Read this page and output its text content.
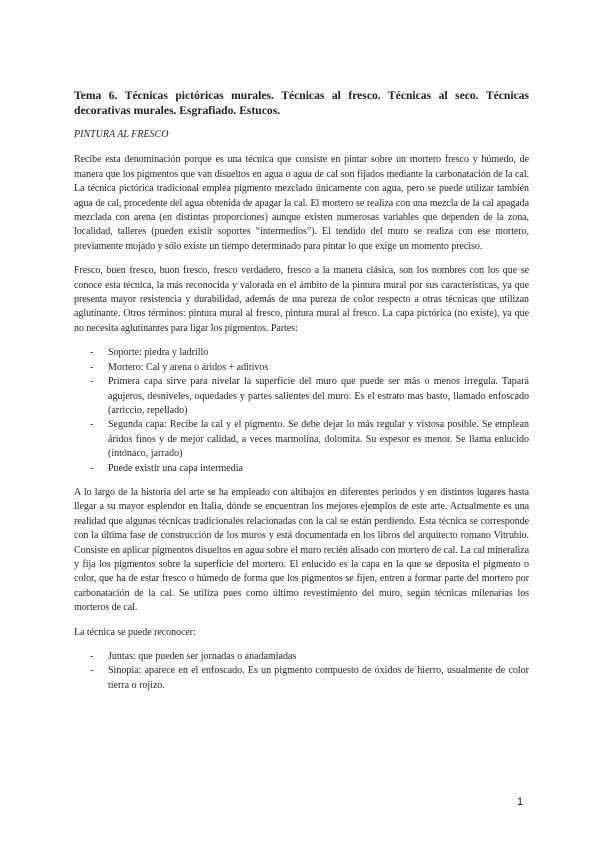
Tema 6. Técnicas pictóricas murales. Técnicas al fresco. Técnicas al seco. Técnicas decorativas murales. Esgrafiado. Estucos.
PINTURA AL FRESCO

Recibe esta denominación porque es una técnica que consiste en pintar sobre un mortero fresco y húmedo, de manera que los pigmentos que van disueltos en agua o agua de cal son fijados mediante la carbonatación de la cal. La técnica pictórica tradicional emplea pigmento mezclado únicamente con agua, pero se puede utilizar también agua de cal, procedente del agua obtenida de apagar la cal. El mortero se realiza con una mezcla de la cal apagada mezclada con arena (en distintas proporciones) aunque existen numerosas variables que dependen de la zona, localidad, talleres (pueden existir soportes “intermedios”). El tendido del muro se realiza con ese mortero, previamente mojado y sólo existe un tiempo determinado para pintar lo que exige un momento preciso.

Fresco, buen fresco, buon fresco, fresco verdadero, fresco a la manera clásica, son los nombres con los que se conoce esta técnica, la más reconocida y valorada en el ámbito de la pintura mural por sus características, ya que presenta mayor resistencia y durabilidad, además de una pureza de color respecto a otras técnicas que utilizan aglutinante. Otros términos: pintura mural al fresco, pintura mural al fresco. La capa pictórica (no existe), ya que no necesita aglutinantes para ligar los pigmentos. Partes:

- Soporte: piedra y ladrillo
- Mortero: Cal y arena o áridos + aditivos
- Primera capa sirve para nivelar la superficie del muro que puede ser más o menos irregula. Tapará agujeros, desniveles, oquedades y partes salientes del muro. Es el estrato mas basto, llamado enfoscado (arriccio, repellado)
- Segunda capa: Recibe la cal y el pigmento. Se debe dejar lo más regular y vistosa posible. Se emplean áridos finos y de mejor calidad, a veces marmolina, dolomita. Su espesor es menor. Se llama enlucido (intónaco, jarrado)
- Puede existir una capa intermedia

A lo largo de la historia del arte se ha empleado con altibajos en diferentes periodos y en distintos lugares hasta llegar a su mayor esplendor en Italia, dónde se encuentran los mejores ejemplos de este arte. Actualmente es una realidad que algunas técnicas tradicionales relacionadas con la cal se están perdiendo. Esta técnica se corresponde con la última fase de construcción de los muros y está documentada en los libros del arquitecto romano Vitrubio. Consiste en aplicar pigmentos disueltos en agua sobre el muro recién alisado con mortero de cal. La cal mineraliza y fija los pigmentos sobre la superficie del mortero. El enlucido es la capa en la que se deposita el pigmento o color, que ha de estar fresco o húmedo de forma que los pigmentos se fijen, entren a formar parte del mortero por carbonatación de la cal. Se utiliza pues como último revestimiento del muro, según técnicas milenarias los morteros de cal.

La técnica se puede reconocer:

- Juntas: que pueden ser jornadas o anadamiadas
- Sinopia: aparece en el enfoscado. Es un pigmento compuesto de óxidos de hierro, usualmente de color tierra o rojizo.
1
